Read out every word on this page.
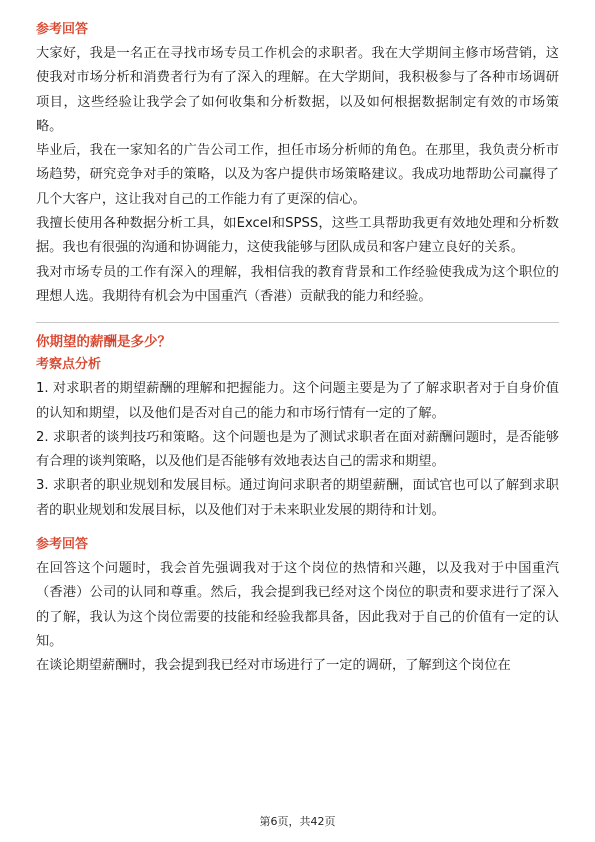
参考回答

大家好，我是一名正在寻找市场专员工作机会的求职者。我在大学期间主修市场营销，这使我对市场分析和消费者行为有了深入的理解。在大学期间，我积极参与了各种市场调研项目，这些经验让我学会了如何收集和分析数据，以及如何根据数据制定有效的市场策略。

毕业后，我在一家知名的广告公司工作，担任市场分析师的角色。在那里，我负责分析市场趋势，研究竞争对手的策略，以及为客户提供市场策略建议。我成功地帮助公司赢得了几个大客户，这让我对自己的工作能力有了更深的信心。

我擅长使用各种数据分析工具，如Excel和SPSS，这些工具帮助我更有效地处理和分析数据。我也有很强的沟通和协调能力，这使我能够与团队成员和客户建立良好的关系。

我对市场专员的工作有深入的理解，我相信我的教育背景和工作经验使我成为这个职位的理想人选。我期待有机会为中国重汽（香港）贡献我的能力和经验。

你期望的薪酬是多少？

考察点分析

1. 对求职者的期望薪酬的理解和把握能力。这个问题主要是为了了解求职者对于自身价值的认知和期望，以及他们是否对自己的能力和市场行情有一定的了解。

2. 求职者的谈判技巧和策略。这个问题也是为了测试求职者在面对薪酬问题时，是否能够有合理的谈判策略，以及他们是否能够有效地表达自己的需求和期望。

3. 求职者的职业规划和发展目标。通过询问求职者的期望薪酬，面试官也可以了解到求职者的职业规划和发展目标，以及他们对于未来职业发展的期待和计划。

参考回答

在回答这个问题时，我会首先强调我对于这个岗位的热情和兴趣，以及我对于中国重汽（香港）公司的认同和尊重。然后，我会提到我已经对这个岗位的职责和要求进行了深入的了解，我认为这个岗位需要的技能和经验我都具备，因此我对于自己的价值有一定的认知。

在谈论期望薪酬时，我会提到我已经对市场进行了一定的调研，了解到这个岗位在

第6页，共42页
